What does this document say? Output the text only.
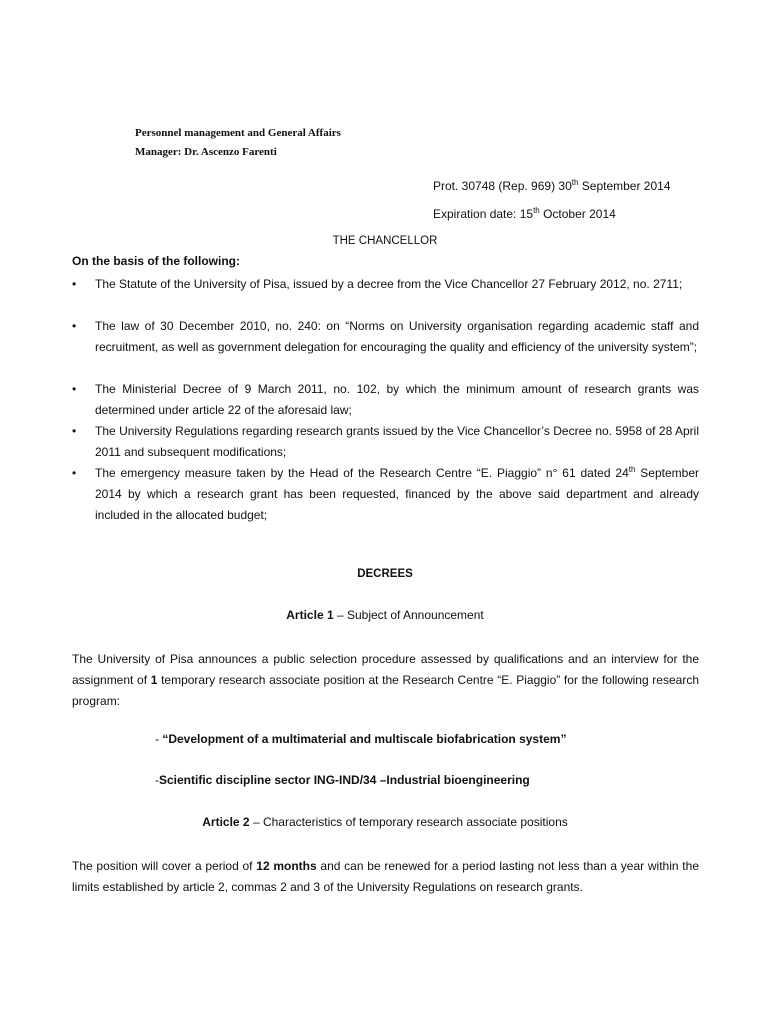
Personnel management and General Affairs
Manager: Dr. Ascenzo Farenti
Prot. 30748 (Rep. 969) 30th September 2014
Expiration date: 15th October 2014
THE CHANCELLOR
On the basis of the following:
• The Statute of the University of Pisa, issued by a decree from the Vice Chancellor 27 February 2012, no. 2711;
• The law of 30 December 2010, no. 240: on “Norms on University organisation regarding academic staff and recruitment, as well as government delegation for encouraging the quality and efficiency of the university system”;
• The Ministerial Decree of 9 March 2011, no. 102, by which the minimum amount of research grants was determined under article 22 of the aforesaid law;
• The University Regulations regarding research grants issued by the Vice Chancellor’s Decree no. 5958 of 28 April 2011 and subsequent modifications;
• The emergency measure taken by the Head of the Research Centre “E. Piaggio” n° 61 dated 24th September 2014 by which a research grant has been requested, financed by the above said department and already included in the allocated budget;
DECREES
Article 1 – Subject of Announcement
The University of Pisa announces a public selection procedure assessed by qualifications and an interview for the assignment of 1 temporary research associate position at the Research Centre “E. Piaggio” for the following research program:
- “Development of a multimaterial and multiscale biofabrication system”
-Scientific discipline sector ING-IND/34 –Industrial bioengineering
Article 2 – Characteristics of temporary research associate positions
The position will cover a period of 12 months and can be renewed for a period lasting not less than a year within the limits established by article 2, commas 2 and 3 of the University Regulations on research grants.
